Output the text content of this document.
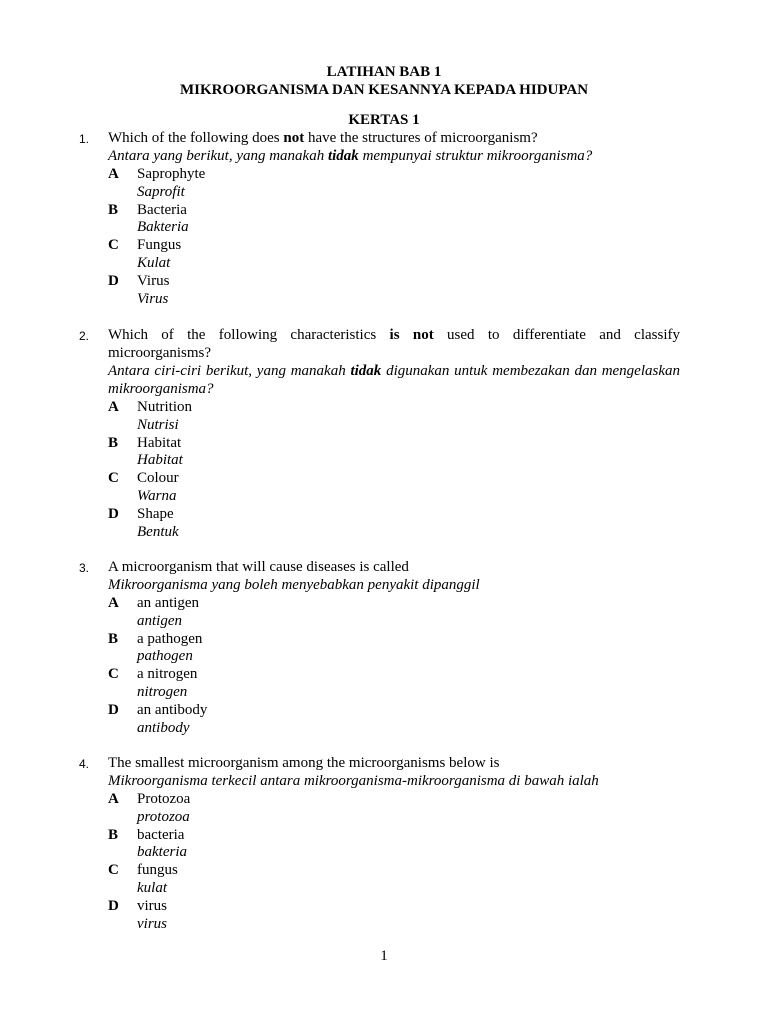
LATIHAN BAB 1
MIKROORGANISMA DAN KESANNYA KEPADA HIDUPAN
KERTAS 1
1. Which of the following does not have the structures of microorganism?
Antara yang berikut, yang manakah tidak mempunyai struktur mikroorganisma?
A Saprophyte
Saprofit
B Bacteria
Bakteria
C Fungus
Kulat
D Virus
Virus
2. Which of the following characteristics is not used to differentiate and classify
microorganisms?
Antara ciri-ciri berikut, yang manakah tidak digunakan untuk membezakan dan mengelaskan
mikroorganisma?
A Nutrition
Nutrisi
B Habitat
Habitat
C Colour
Warna
D Shape
Bentuk
3. A microorganism that will cause diseases is called
Mikroorganisma yang boleh menyebabkan penyakit dipanggil
A an antigen
antigen
B a pathogen
pathogen
C a nitrogen
nitrogen
D an antibody
antibody
4. The smallest microorganism among the microorganisms below is
Mikroorganisma terkecil antara mikroorganisma-mikroorganisma di bawah ialah
A Protozoa
protozoa
B bacteria
bakteria
C fungus
kulat
D virus
virus
1
